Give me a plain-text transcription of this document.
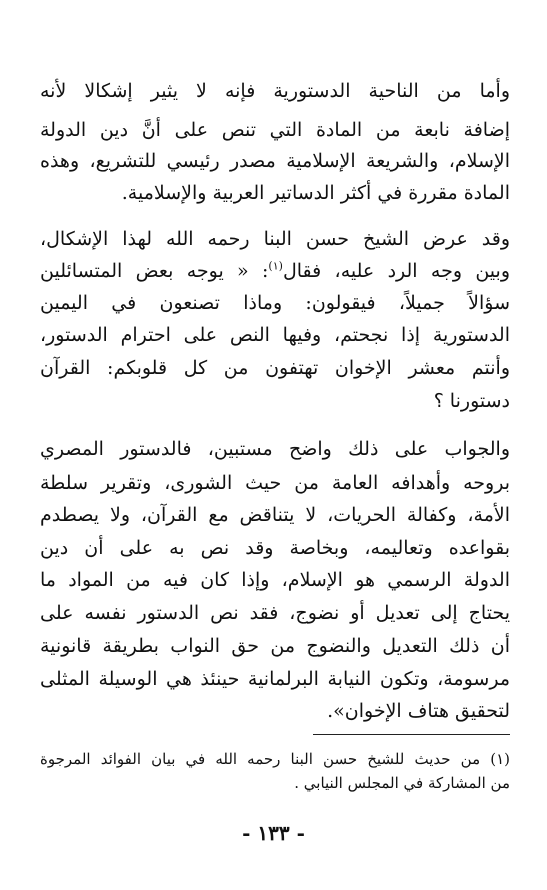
وأما من الناحية الدستورية فإنه لا يثير إشكالا لأنه
إضافة نابعة من المادة التي تنص على أنَّ دين الدولة
الإسلام، والشريعة الإسلامية مصدر رئيسي للتشريع، وهذه
المادة مقررة في أكثر الدساتير العربية والإسلامية.
وقد عرض الشيخ حسن البنا رحمه الله لهذا الإشكال،
وبين وجه الرد عليه، فقال$^{(١)}$: « يوجه بعض المتسائلين
سؤالاً جميلاً، فيقولون: وماذا تصنعون في اليمين
الدستورية إذا نجحتم، وفيها النص على احترام الدستور،
وأنتم معشر الإخوان تهتفون من كل قلوبكم: القرآن
دستورنا ؟
والجواب على ذلك واضح مستبين، فالدستور المصري
بروحه وأهدافه العامة من حيث الشورى، وتقرير سلطة
الأمة، وكفالة الحريات، لا يتناقض مع القرآن، ولا يصطدم
بقواعده وتعاليمه، وبخاصة وقد نص به على أن دين
الدولة الرسمي هو الإسلام، وإذا كان فيه من المواد ما
يحتاج إلى تعديل أو نضوج، فقد نص الدستور نفسه على
أن ذلك التعديل والنضوج من حق النواب بطريقة قانونية
مرسومة، وتكون النيابة البرلمانية حينئذ هي الوسيلة المثلى
لتحقيق هتاف الإخوان».
(١) من حديث للشيخ حسن البنا رحمه الله في بيان الفوائد المرجوة
من المشاركة في المجلس النيابي .
- ١٣٣ -
